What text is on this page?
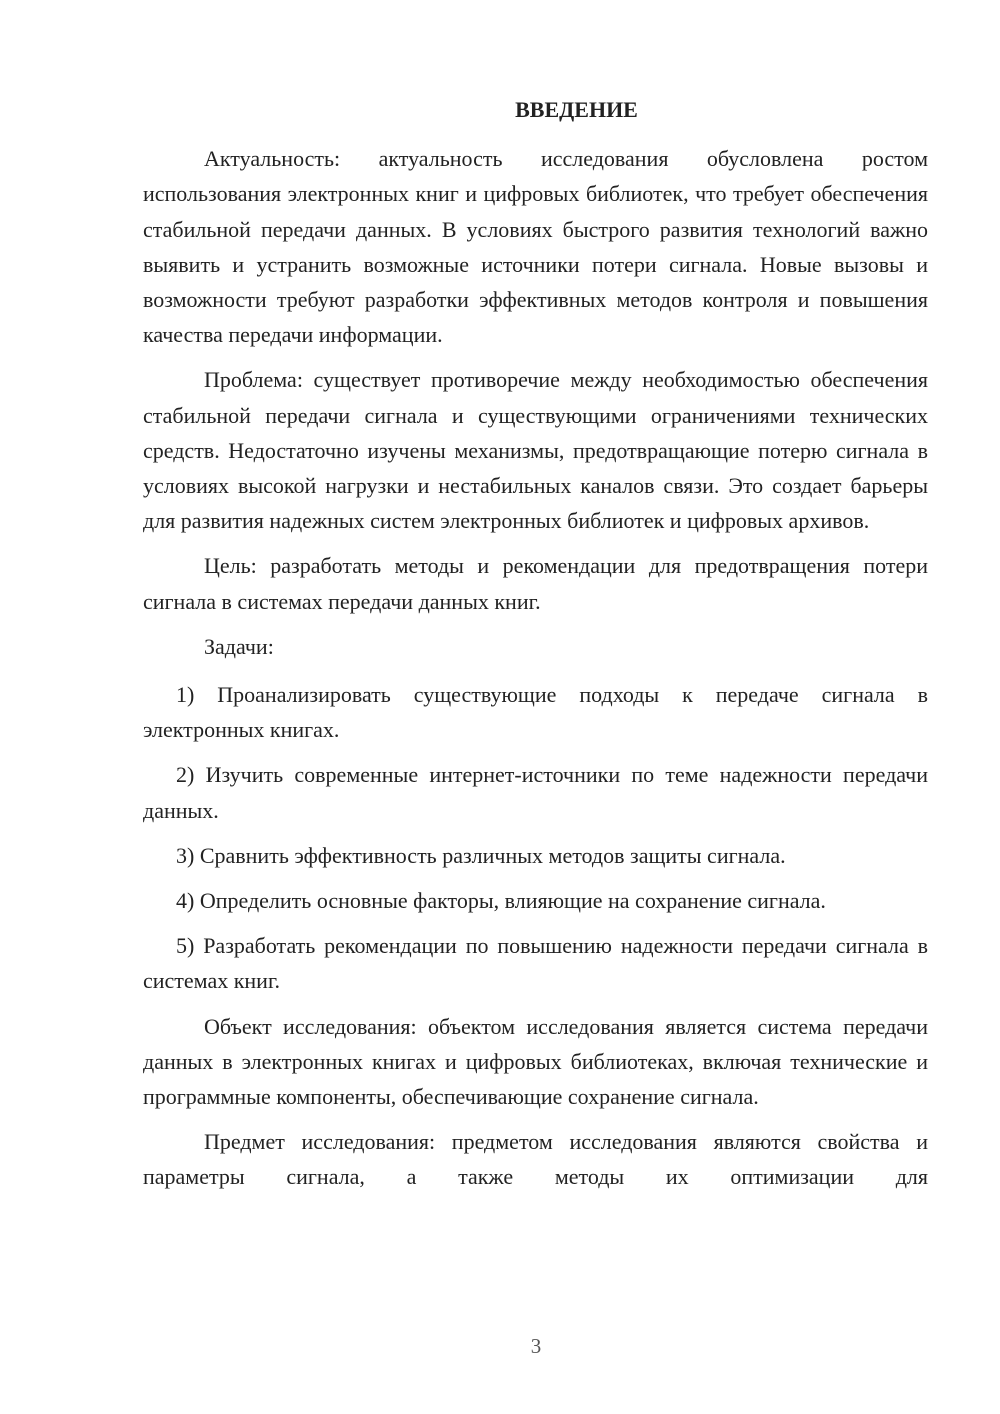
ВВЕДЕНИЕ

Актуальность: актуальность исследования обусловлена ростом использования электронных книг и цифровых библиотек, что требует обеспечения стабильной передачи данных. В условиях быстрого развития технологий важно выявить и устранить возможные источники потери сигнала. Новые вызовы и возможности требуют разработки эффективных методов контроля и повышения качества передачи информации.

Проблема: существует противоречие между необходимостью обеспечения стабильной передачи сигнала и существующими ограничениями технических средств. Недостаточно изучены механизмы, предотвращающие потерю сигнала в условиях высокой нагрузки и нестабильных каналов связи. Это создает барьеры для развития надежных систем электронных библиотек и цифровых архивов.

Цель: разработать методы и рекомендации для предотвращения потери сигнала в системах передачи данных книг.

Задачи:

1) Проанализировать существующие подходы к передаче сигнала в электронных книгах.

2) Изучить современные интернет-источники по теме надежности передачи данных.

3) Сравнить эффективность различных методов защиты сигнала.

4) Определить основные факторы, влияющие на сохранение сигнала.

5) Разработать рекомендации по повышению надежности передачи сигнала в системах книг.

Объект исследования: объектом исследования является система передачи данных в электронных книгах и цифровых библиотеках, включая технические и программные компоненты, обеспечивающие сохранение сигнала.

Предмет исследования: предметом исследования являются свойства и параметры сигнала, а также методы их оптимизации для

3
